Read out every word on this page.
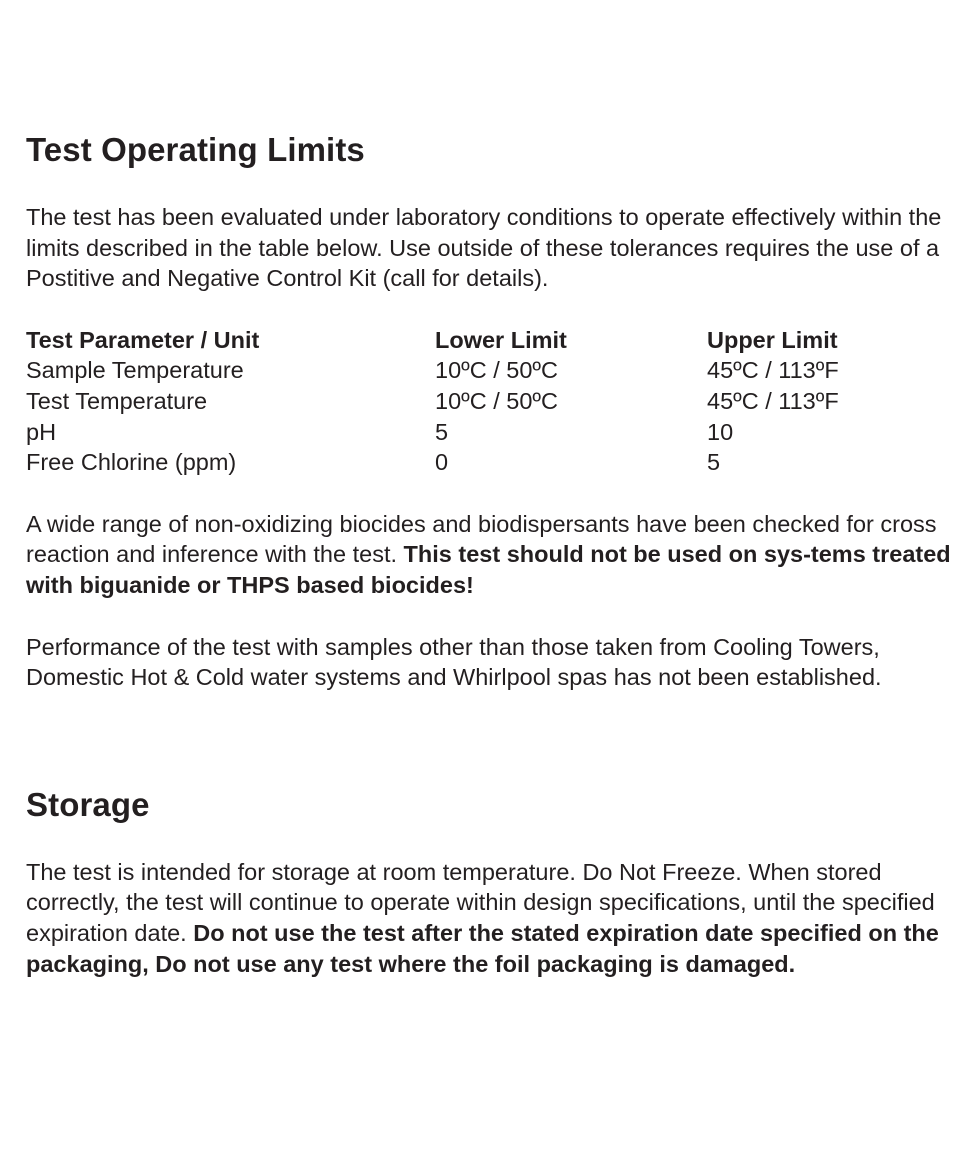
Test Operating Limits

The test has been evaluated under laboratory conditions to operate effectively within the limits described in the table below. Use outside of these tolerances requires the use of a Postitive and Negative Control Kit (call for details).

Test Parameter / Unit	Lower Limit	Upper Limit
Sample Temperature	10ºC / 50ºC	45ºC / 113ºF
Test Temperature	10ºC / 50ºC	45ºC / 113ºF
pH	5	10
Free Chlorine (ppm)	0	5

A wide range of non-oxidizing biocides and biodispersants have been checked for cross reaction and inference with the test. This test should not be used on sys-tems treated with biguanide or THPS based biocides!

Performance of the test with samples other than those taken from Cooling Towers, Domestic Hot & Cold water systems and Whirlpool spas has not been established.

Storage

The test is intended for storage at room temperature. Do Not Freeze. When stored correctly, the test will continue to operate within design specifications, until the specified expiration date. Do not use the test after the stated expiration date specified on the packaging, Do not use any test where the foil packaging is damaged.
